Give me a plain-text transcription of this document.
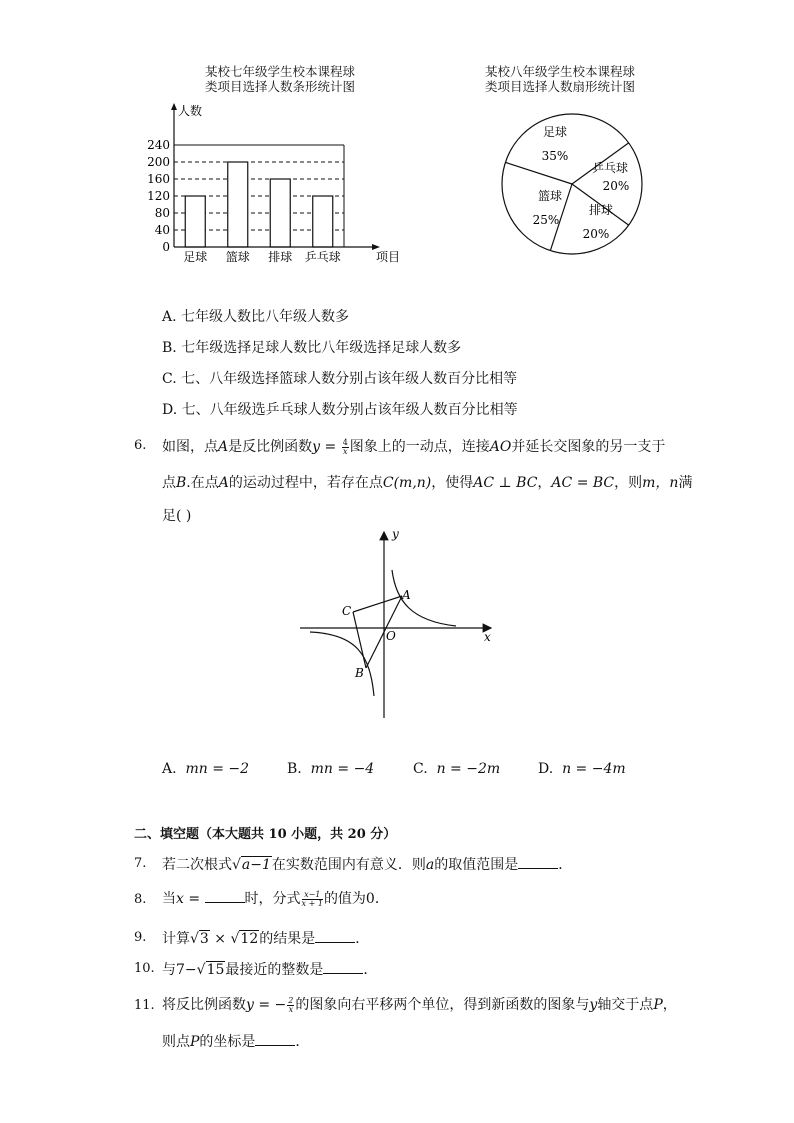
某校七年级学生校本课程球
类项目选择人数条形统计图
240
200
160
120
80
40
0
足球 篮球 排球 乒乓球
人数
项目
某校八年级学生校本课程球
类项目选择人数扇形统计图
足球
35%
乒乓球
20%
排球
20%
篮球
25%
A. 七年级人数比八年级人数多
B. 七年级选择足球人数比八年级选择足球人数多
C. 七、八年级选择篮球人数分别占该年级人数百分比相等
D. 七、八年级选乒乓球人数分别占该年级人数百分比相等
6. 如图，点A是反比例函数$y = \frac{4}{x}$ 图象上的一动点，连接AO并延长交图象的另一支于
点B.在点A的运动过程中，若存在点C(m,n)，使得AC ⊥ BC，AC = BC，则m，n满
足( )
y
x
O
A
B
C
A. mn = −2	B. mn = −4	C. n = −2m	D. n = −4m
二、填空题（本大题共 10 小题，共 20 分）
7. 若二次根式√a−1在实数范围内有意义．则a的取值范围是	．
8. 当x =	时，分式 $\frac{x-1}{x + 1}$ 的值为0．
9. 计算√3 × √12的结果是	．
10. 与7−√15最接近的整数是	．
11. 将反比例函数y = − $\frac{2}{x}$ 的图象向右平移两个单位，得到新函数的图象与y轴交于点P，
则点P的坐标是	．
